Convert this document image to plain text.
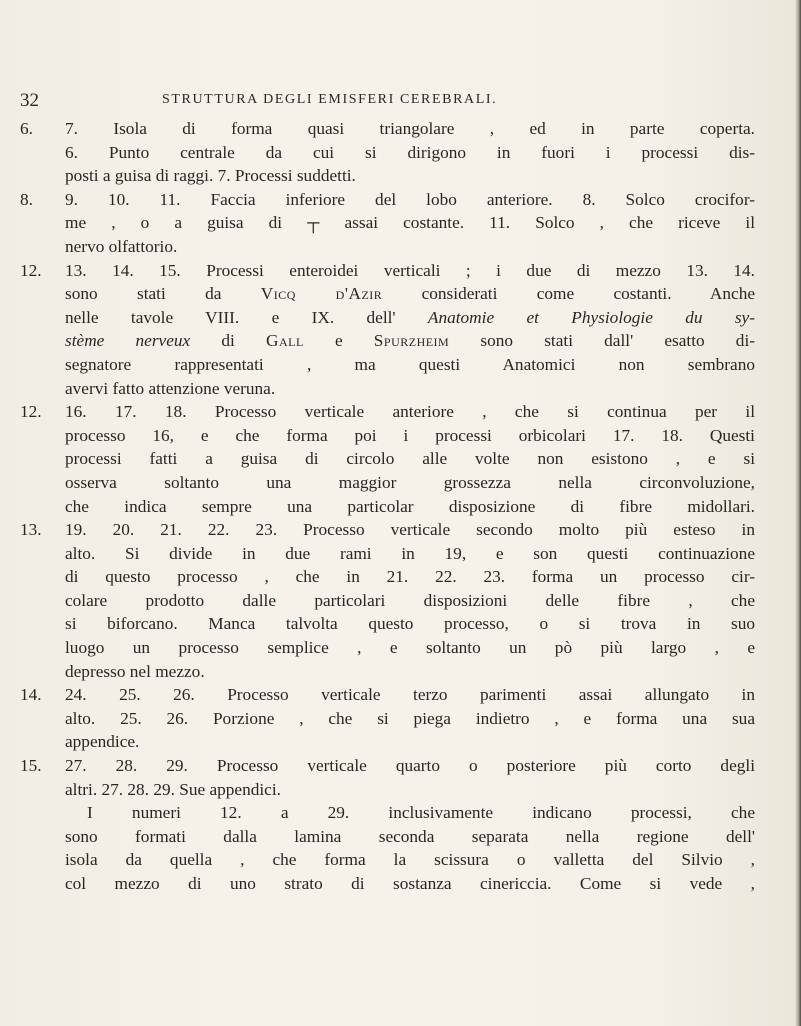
32	STRUTTURA DEGLI EMISFERI CEREBRALI.
6. 7. Isola di forma quasi triangolare , ed in parte coperta.
6. Punto centrale da cui si dirigono in fuori i processi dis-
posti a guisa di raggi. 7. Processi suddetti.
8. 9. 10. 11. Faccia inferiore del lobo anteriore. 8. Solco crocifor-
me , o a guisa di ┬ assai costante. 11. Solco , che riceve il
nervo olfattorio.
12. 13. 14. 15. Processi enteroidei verticali ; i due di mezzo 13. 14.
sono stati da Vicq d'Azir considerati come costanti. Anche
nelle tavole VIII. e IX. dell' Anatomie et Physiologie du sy-
stème nerveux di Gall e Spurzheim sono stati dall' esatto di-
segnatore rappresentati , ma questi Anatomici non sembrano
avervi fatto attenzione veruna.
12. 16. 17. 18. Processo verticale anteriore , che si continua per il
processo 16, e che forma poi i processi orbicolari 17. 18. Questi
processi fatti a guisa di circolo alle volte non esistono , e si
osserva soltanto una maggior grossezza nella circonvoluzione,
che indica sempre una particolar disposizione di fibre midollari.
13. 19. 20. 21. 22. 23. Processo verticale secondo molto più esteso in
alto. Si divide in due rami in 19, e son questi continuazione
di questo processo , che in 21. 22. 23. forma un processo cir-
colare prodotto dalle particolari disposizioni delle fibre , che
si biforcano. Manca talvolta questo processo, o si trova in suo
luogo un processo semplice , e soltanto un pò più largo , e
depresso nel mezzo.
14. 24. 25. 26. Processo verticale terzo parimenti assai allungato in
alto. 25. 26. Porzione , che si piega indietro , e forma una sua
appendice.
15. 27. 28. 29. Processo verticale quarto o posteriore più corto degli
altri. 27. 28. 29. Sue appendici.
I numeri 12. a 29. inclusivamente indicano processi, che
sono formati dalla lamina seconda separata nella regione dell'
isola da quella , che forma la scissura o valletta del Silvio ,
col mezzo di uno strato di sostanza cinericcia. Come si vede ,
